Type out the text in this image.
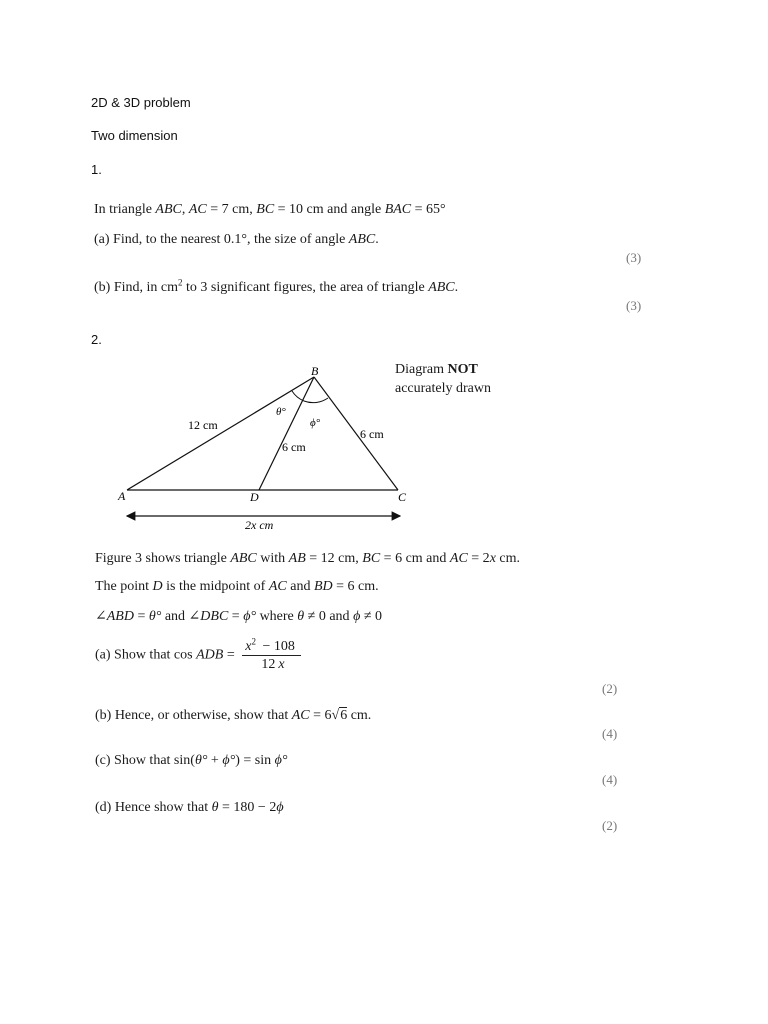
2D & 3D problem
Two dimension
1.
In triangle ABC, AC = 7 cm, BC = 10 cm and angle BAC = 65°
(a) Find, to the nearest 0.1°, the size of angle ABC.
(3)
(b) Find, in $cm^2$ to 3 significant figures, the area of triangle ABC.
(3)
2.
B
A	D	C
12 cm
6 cm
6 cm
2x cm
θ°
ϕ°
Diagram NOT
accurately drawn
Figure 3 shows triangle ABC with AB = 12 cm, BC = 6 cm and AC = 2x cm.
The point D is the midpoint of AC and BD = 6 cm.
∠ABD = θ° and ∠DBC = ϕ° where θ ≠ 0 and ϕ ≠ 0
(a) Show that cos ADB = $\frac{x^2 - 108}{12 x}$
(2)
(b) Hence, or otherwise, show that AC = 6√6 cm.
(4)
(c) Show that sin(θ° + ϕ°) = sin ϕ°
(4)
(d) Hence show that θ = 180 − 2ϕ
(2)
